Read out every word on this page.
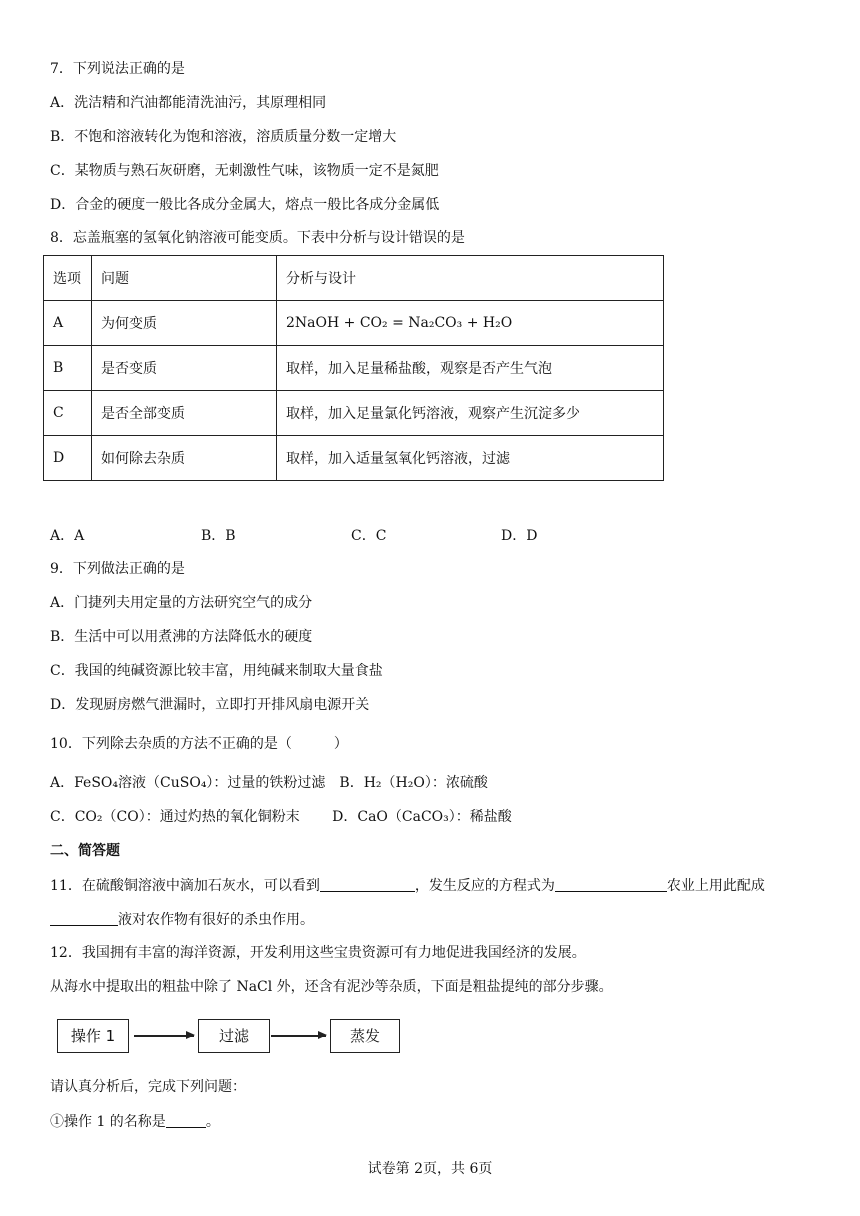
7．下列说法正确的是
A．洗洁精和汽油都能清洗油污，其原理相同
B．不饱和溶液转化为饱和溶液，溶质质量分数一定增大
C．某物质与熟石灰研磨，无刺激性气味，该物质一定不是氮肥
D．合金的硬度一般比各成分金属大，熔点一般比各成分金属低
8．忘盖瓶塞的氢氧化钠溶液可能变质。下表中分析与设计错误的是
选项	问题	分析与设计
A	为何变质	2NaOH + CO₂ = Na₂CO₃ + H₂O
B	是否变质	取样，加入足量稀盐酸，观察是否产生气泡
C	是否全部变质	取样，加入足量氯化钙溶液，观察产生沉淀多少
D	如何除去杂质	取样，加入适量氢氧化钙溶液，过滤
A．A	B．B	C．C	D．D
9．下列做法正确的是
A．门捷列夫用定量的方法研究空气的成分
B．生活中可以用煮沸的方法降低水的硬度
C．我国的纯碱资源比较丰富，用纯碱来制取大量食盐
D．发现厨房燃气泄漏时，立即打开排风扇电源开关
10．下列除去杂质的方法不正确的是（　　　）
A．FeSO₄溶液（CuSO₄）：过量的铁粉过滤　B．H₂（H₂O）：浓硫酸
C．CO₂（CO）：通过灼热的氧化铜粉末　　 D．CaO（CaCO₃）：稀盐酸
二、简答题
11．在硫酸铜溶液中滴加石灰水，可以看到	，发生反应的方程式为	农业上用此配成
液对农作物有很好的杀虫作用。
12．我国拥有丰富的海洋资源，开发利用这些宝贵资源可有力地促进我国经济的发展。
从海水中提取出的粗盐中除了 NaCl 外，还含有泥沙等杂质，下面是粗盐提纯的部分步骤。
操作 1	过滤	蒸发
请认真分析后，完成下列问题：
①操作 1 的名称是	。
试卷第 2页，共 6页
